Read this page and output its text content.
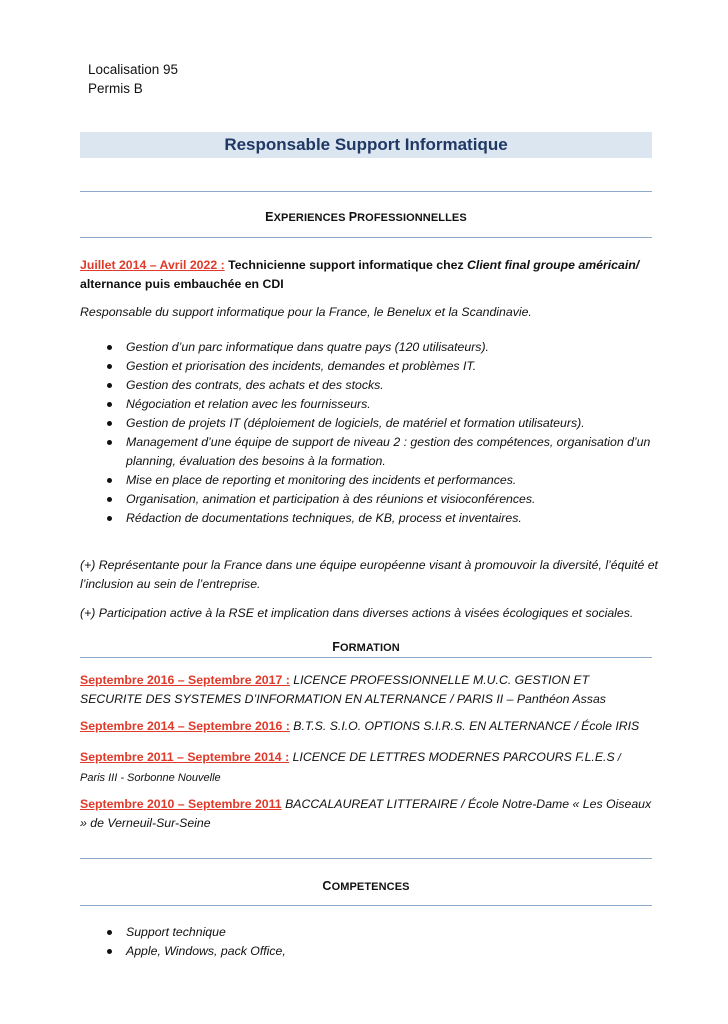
Localisation 95
Permis B
Responsable Support Informatique
EXPERIENCES PROFESSIONNELLES
Juillet 2014 – Avril 2022 : Technicienne support informatique chez Client final groupe américain/
alternance puis embauchée en CDI
Responsable du support informatique pour la France, le Benelux et la Scandinavie.
Gestion d’un parc informatique dans quatre pays (120 utilisateurs).
Gestion et priorisation des incidents, demandes et problèmes IT.
Gestion des contrats, des achats et des stocks.
Négociation et relation avec les fournisseurs.
Gestion de projets IT (déploiement de logiciels, de matériel et formation utilisateurs).
Management d’une équipe de support de niveau 2 : gestion des compétences, organisation d’un planning, évaluation des besoins à la formation.
Mise en place de reporting et monitoring des incidents et performances.
Organisation, animation et participation à des réunions et visioconférences.
Rédaction de documentations techniques, de KB, process et inventaires.
(+) Représentante pour la France dans une équipe européenne visant à promouvoir la diversité, l’équité et l’inclusion au sein de l’entreprise.
(+) Participation active à la RSE et implication dans diverses actions à visées écologiques et sociales.
FORMATION
Septembre 2016 – Septembre 2017 : LICENCE PROFESSIONNELLE M.U.C. GESTION ET SECURITE DES SYSTEMES D’INFORMATION EN ALTERNANCE / PARIS II – Panthéon Assas
Septembre 2014 – Septembre 2016 : B.T.S. S.I.O. OPTIONS S.I.R.S. EN ALTERNANCE / École IRIS
Septembre 2011 – Septembre 2014 : LICENCE DE LETTRES MODERNES PARCOURS F.L.E.S / Paris III - Sorbonne Nouvelle
Septembre 2010 – Septembre 2011 BACCALAUREAT LITTERAIRE / École Notre-Dame « Les Oiseaux » de Verneuil-Sur-Seine
COMPETENCES
Support technique
Apple, Windows, pack Office,
